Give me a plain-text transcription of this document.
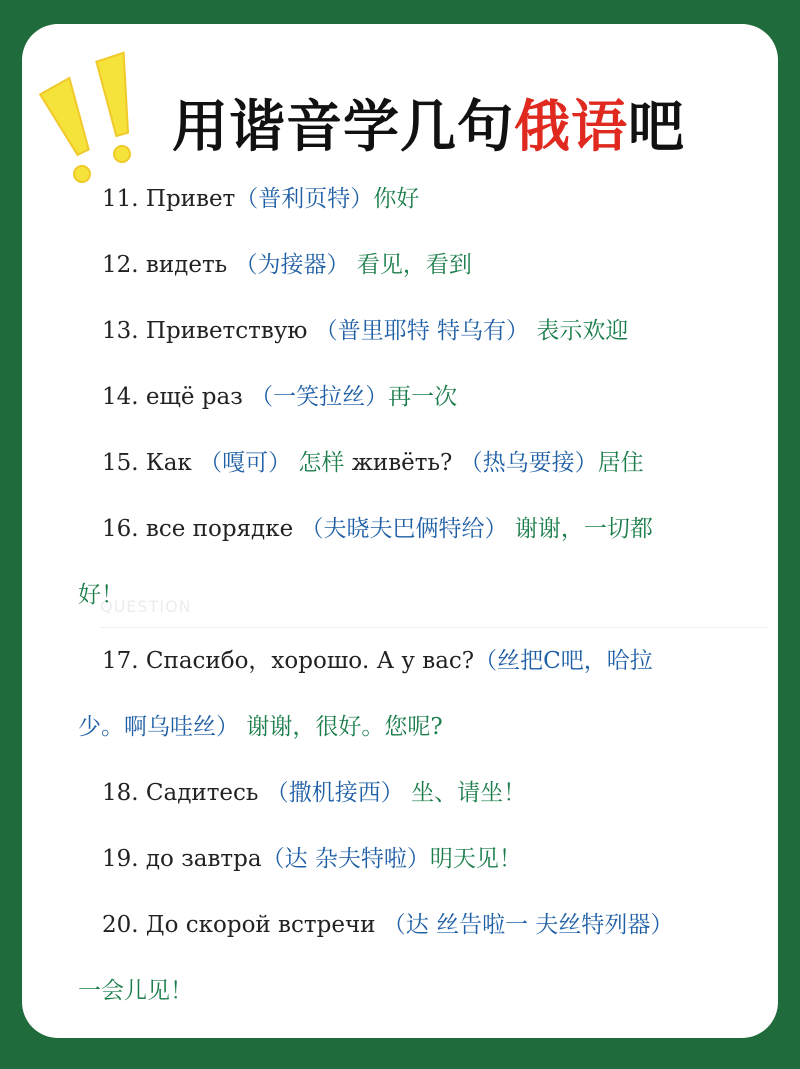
用谐音学几句俄语吧

11. Привет（普利页特）你好

12. видеть （为接器） 看见，看到

13. Приветствую （普里耶特 特乌有） 表示欢迎

14. ещё раз （一笑拉丝）再一次

15. Как （嘎可） 怎样 живёть? （热乌要接）居住

16. все порядке （夫晓夫巴俩特给） 谢谢，一切都

QUESTION

好！

17. Спасибо，хорошо. А у вас?（丝把C吧，哈拉

少。啊乌哇丝） 谢谢，很好。您呢?

18. Садитесь （撒机接西） 坐、请坐！

19. до завтра（达 杂夫特啦）明天见！

20. До скорой встречи （达 丝告啦一 夫丝特列器）

一会儿见！
